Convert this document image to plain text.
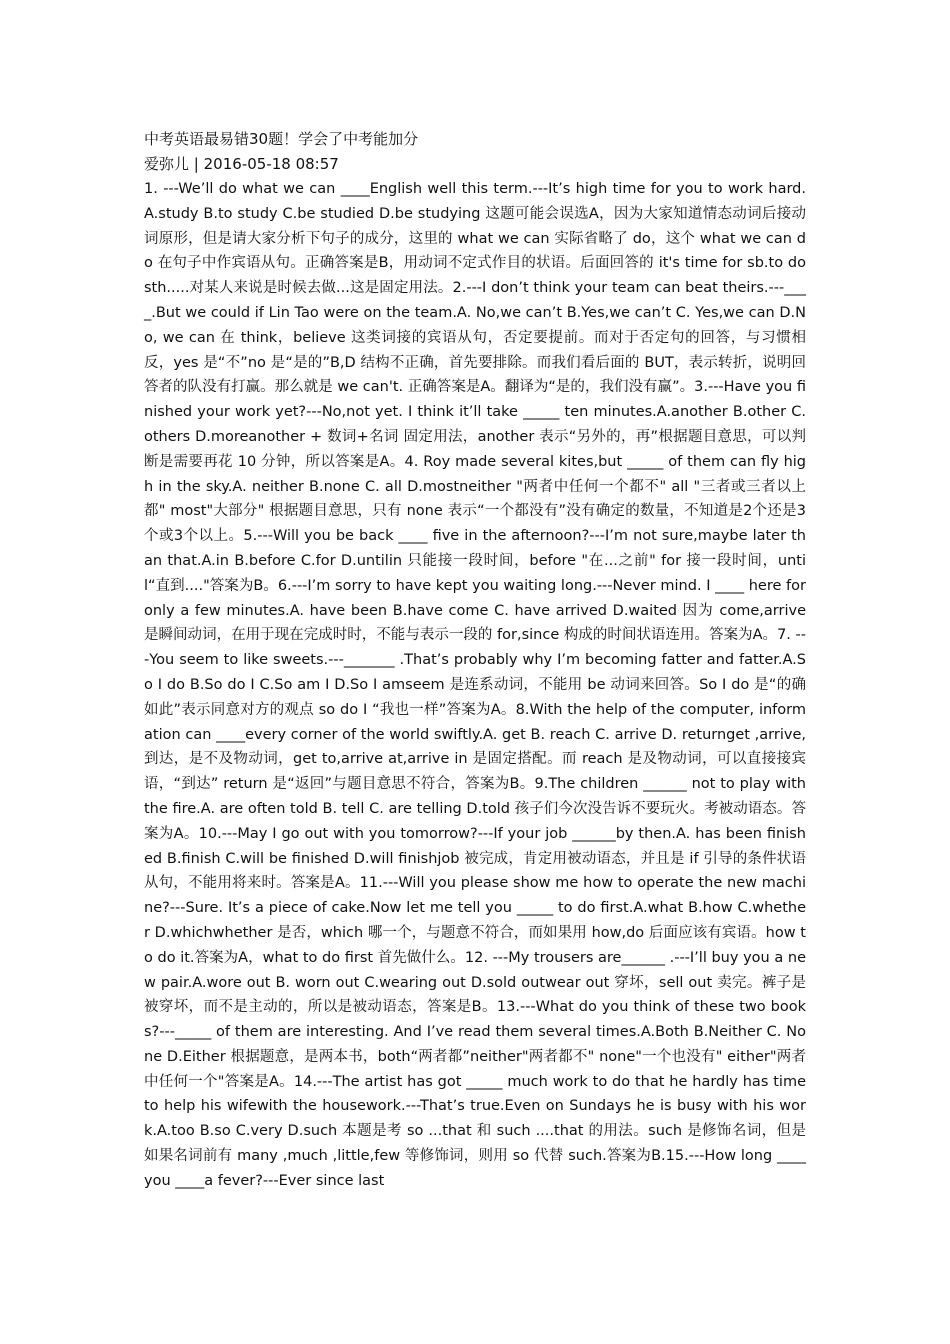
中考英语最易错30题！学会了中考能加分

爱弥儿 | 2016-05-18 08:57

1. ---We’ll do what we can ____English well this term.---It’s high time for you to work hard.A.study B.to study C.be studied D.be studying 这题可能会误选A，因为大家知道情态动词后接动词原形，但是请大家分析下句子的成分，这里的 what we can 实际省略了 do，这个 what we can do 在句子中作宾语从句。正确答案是B，用动词不定式作目的状语。后面回答的 it's time for sb.to do sth.....对某人来说是时候去做...这是固定用法。2.---I don’t think your team can beat theirs.---____.But we could if Lin Tao were on the team.A. No,we can’t B.Yes,we can’t C. Yes,we can D.No, we can 在 think，believe 这类词接的宾语从句，否定要提前。而对于否定句的回答，与习惯相反，yes 是“不”no 是“是的”B,D 结构不正确，首先要排除。而我们看后面的 BUT，表示转折，说明回答者的队没有打赢。那么就是 we can't. 正确答案是A。翻译为“是的，我们没有赢”。3.---Have you finished your work yet?---No,not yet. I think it’ll take _____ ten minutes.A.another B.other C.others D.moreanother + 数词+名词 固定用法，another 表示“另外的，再”根据题目意思，可以判断是需要再花 10 分钟，所以答案是A。4. Roy made several kites,but _____ of them can fly high in the sky.A. neither B.none C. all D.mostneither "两者中任何一个都不" all "三者或三者以上都" most"大部分" 根据题目意思，只有 none 表示“一个都没有”没有确定的数量，不知道是2个还是3个或3个以上。5.---Will you be back ____ five in the afternoon?---I’m not sure,maybe later than that.A.in B.before C.for D.untilin 只能接一段时间，before "在...之前" for 接一段时间，until“直到...."答案为B。6.---I’m sorry to have kept you waiting long.---Never mind. I ____ here for only a few minutes.A. have been B.have come C. have arrived D.waited 因为 come,arrive 是瞬间动词，在用于现在完成时时，不能与表示一段的 for,since 构成的时间状语连用。答案为A。7. ---You seem to like sweets.---_______ .That’s probably why I’m becoming fatter and fatter.A.So I do B.So do I C.So am I D.So I amseem 是连系动词，不能用 be 动词来回答。So I do 是“的确如此”表示同意对方的观点 so do I “我也一样”答案为A。8.With the help of the computer, information can ____every corner of the world swiftly.A. get B. reach C. arrive D. returnget ,arrive,到达，是不及物动词，get to,arrive at,arrive in 是固定搭配。而 reach 是及物动词，可以直接接宾语，“到达” return 是“返回”与题目意思不符合，答案为B。9.The children ______ not to play with the fire.A. are often told B. tell C. are telling D.told 孩子们今次没告诉不要玩火。考被动语态。答案为A。10.---May I go out with you tomorrow?---If your job ______by then.A. has been finished B.finish C.will be finished D.will finishjob 被完成，肯定用被动语态，并且是 if 引导的条件状语从句，不能用将来时。答案是A。11.---Will you please show me how to operate the new machine?---Sure. It’s a piece of cake.Now let me tell you _____ to do first.A.what B.how C.whether D.whichwhether 是否，which 哪一个，与题意不符合，而如果用 how,do 后面应该有宾语。how to do it.答案为A，what to do first 首先做什么。12. ---My trousers are______ .---I’ll buy you a new pair.A.wore out B. worn out C.wearing out D.sold outwear out 穿坏，sell out 卖完。裤子是被穿坏，而不是主动的，所以是被动语态，答案是B。13.---What do you think of these two books?---_____ of them are interesting. And I’ve read them several times.A.Both B.Neither C. None D.Either 根据题意，是两本书，both“两者都”neither"两者都不" none"一个也没有" either"两者中任何一个"答案是A。14.---The artist has got _____ much work to do that he hardly has time to help his wifewith the housework.---That’s true.Even on Sundays he is busy with his work.A.too B.so C.very D.such 本题是考 so ...that 和 such ....that 的用法。such 是修饰名词，但是如果名词前有 many ,much ,little,few 等修饰词，则用 so 代替 such.答案为B.15.---How long ____ you ____a fever?---Ever since last
